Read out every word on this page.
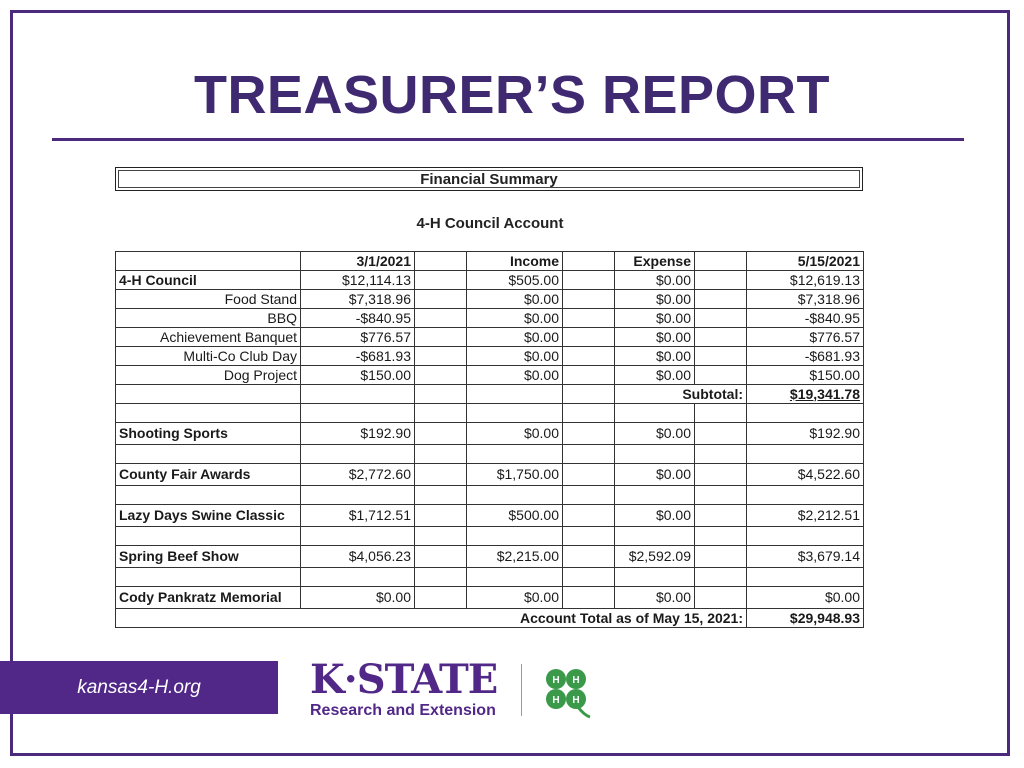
TREASURER’S REPORT
Financial Summary
4-H Council Account
	3/1/2021		Income		Expense		5/15/2021
4-H Council	$12,114.13		$505.00		$0.00		$12,619.13
Food Stand	$7,318.96		$0.00		$0.00		$7,318.96
BBQ	-$840.95		$0.00		$0.00		-$840.95
Achievement Banquet	$776.57		$0.00		$0.00		$776.57
Multi-Co Club Day	-$681.93		$0.00		$0.00		-$681.93
Dog Project	$150.00		$0.00		$0.00		$150.00
					Subtotal:		$19,341.78

Shooting Sports	$192.90		$0.00		$0.00		$192.90

County Fair Awards	$2,772.60		$1,750.00		$0.00		$4,522.60

Lazy Days Swine Classic	$1,712.51		$500.00		$0.00		$2,212.51

Spring Beef Show	$4,056.23		$2,215.00		$2,592.09		$3,679.14

Cody Pankratz Memorial	$0.00		$0.00		$0.00		$0.00
Account Total as of May 15, 2021:							$29,948.93
kansas4-H.org	K·STATE
Research and Extension
H H
H H
